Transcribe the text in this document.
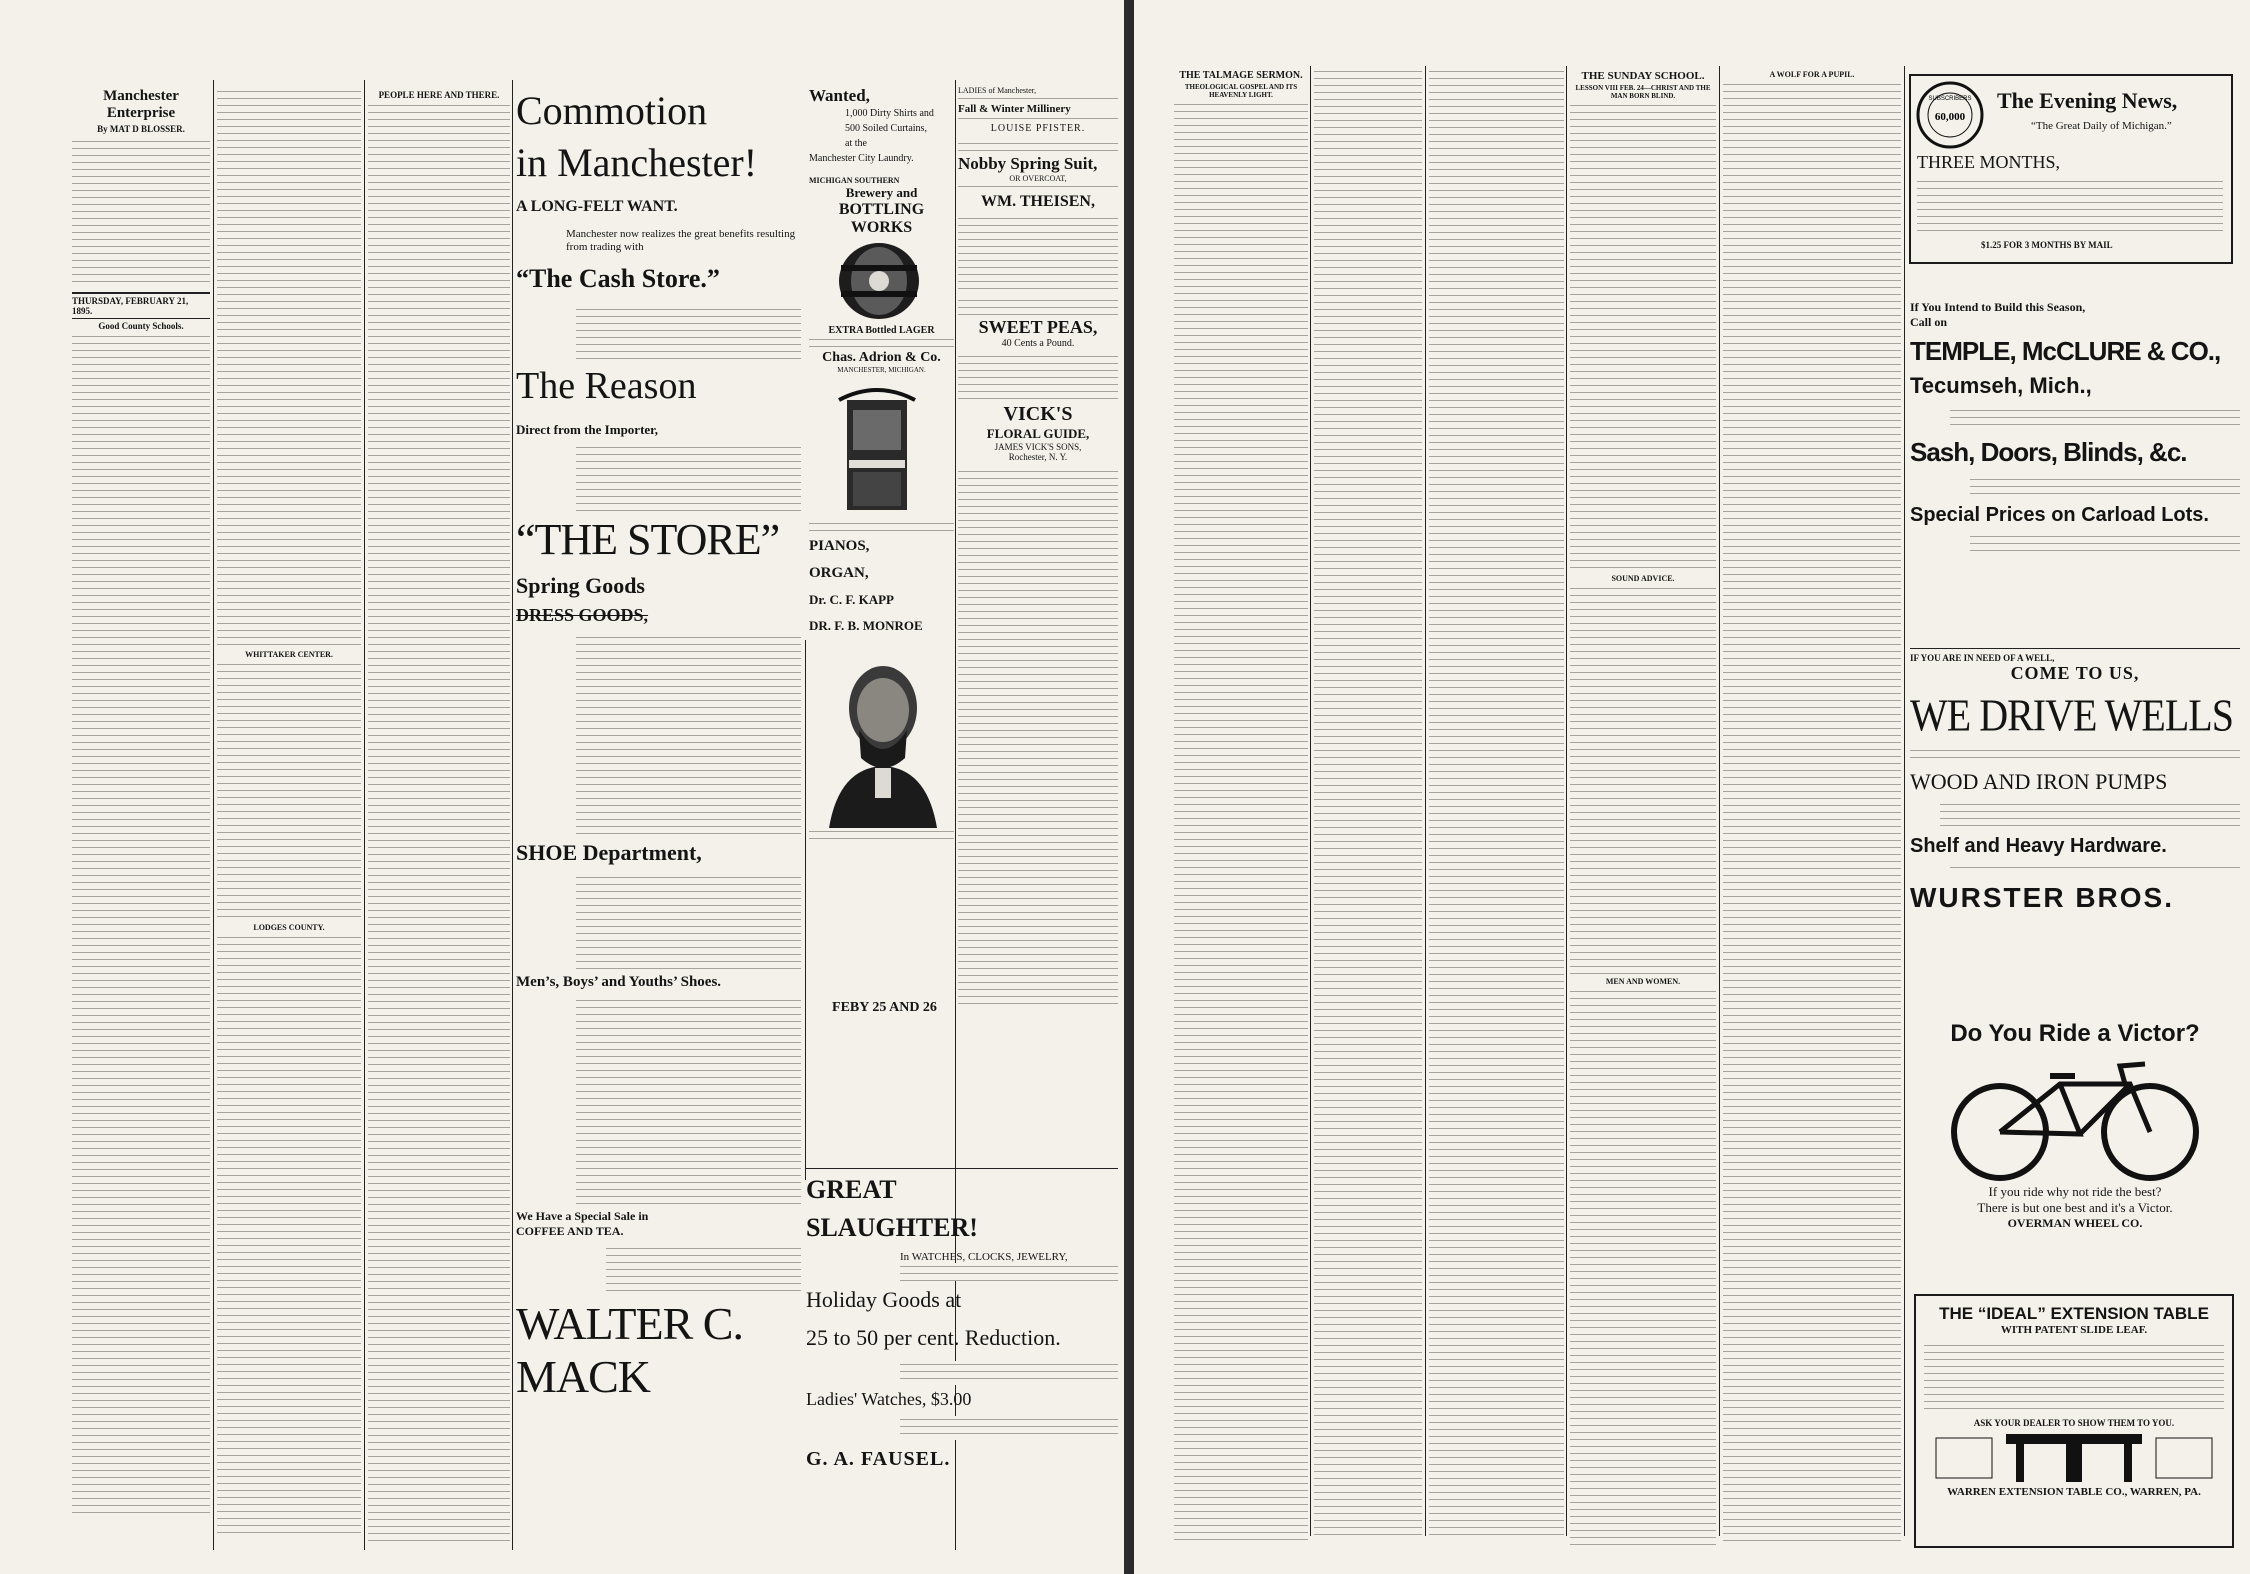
Manchester Enterprise
By MAT D BLOSSER.
THURSDAY, FEBRUARY 21, 1895.
Good County Schools.
WHITTAKER CENTER.
LODGES COUNTY.
PEOPLE HERE AND THERE. Commotion
in Manchester!
A LONG-FELT WANT.
Manchester now realizes the great benefits resulting from trading with
“The Cash Store.”
The Reason
Direct from the Importer,
“THE STORE”
Spring Goods
DRESS GOODS,
SHOE Department,
Men’s, Boys’ and Youths’ Shoes.
We Have a Special Sale in
COFFEE AND TEA.
WALTER C. MACK
Wanted,
1,000 Dirty Shirts and
500 Soiled Curtains,
at the
Manchester City Laundry.
MICHIGAN SOUTHERN
Brewery and
BOTTLING WORKS
EXTRA Bottled LAGER
Chas. Adrion & Co.
MANCHESTER, MICHIGAN.
PIANOS,
ORGAN,
Dr. C. F. KAPP
DR. F. B. MONROE
LADIES of Manchester,
Fall & Winter Millinery
LOUISE PFISTER.
Nobby Spring Suit,
OR OVERCOAT,
WM. THEISEN,
SWEET PEAS,
40 Cents a Pound.
VICK'S
FLORAL GUIDE,
JAMES VICK'S SONS,
Rochester, N. Y.
FEBY 25 AND 26
GREAT
SLAUGHTER!
In WATCHES, CLOCKS, JEWELRY,
Holiday Goods at
25 to 50 per cent. Reduction.
Ladies' Watches, $3.00
G. A. FAUSEL.
THE TALMAGE SERMON.
THEOLOGICAL GOSPEL AND ITS HEAVENLY LIGHT.
THE SUNDAY SCHOOL.
LESSON VIII FEB. 24—CHRIST AND THE MAN BORN BLIND.
SOUND ADVICE.
MEN AND WOMEN.
A WOLF FOR A PUPIL.
SUBSCRIBERS
60,000
The Evening News,
“The Great Daily of Michigan.”
THREE MONTHS,
$1.25 FOR 3 MONTHS BY MAIL
If You Intend to Build this Season,
Call on
TEMPLE, McCLURE & CO.,
Tecumseh, Mich.,
Sash, Doors, Blinds, &c.
Special Prices on Carload Lots.
IF YOU ARE IN NEED OF A WELL,
COME TO US,
WE DRIVE WELLS
WOOD AND IRON PUMPS
Shelf and Heavy Hardware.
WURSTER BROS.
Do You Ride a Victor?
If you ride why not ride the best?
There is but one best and it's a Victor.
OVERMAN WHEEL CO.
THE “IDEAL” EXTENSION TABLE
WITH PATENT SLIDE LEAF.
ASK YOUR DEALER TO SHOW THEM TO YOU.
WARREN EXTENSION TABLE CO., WARREN, PA.
